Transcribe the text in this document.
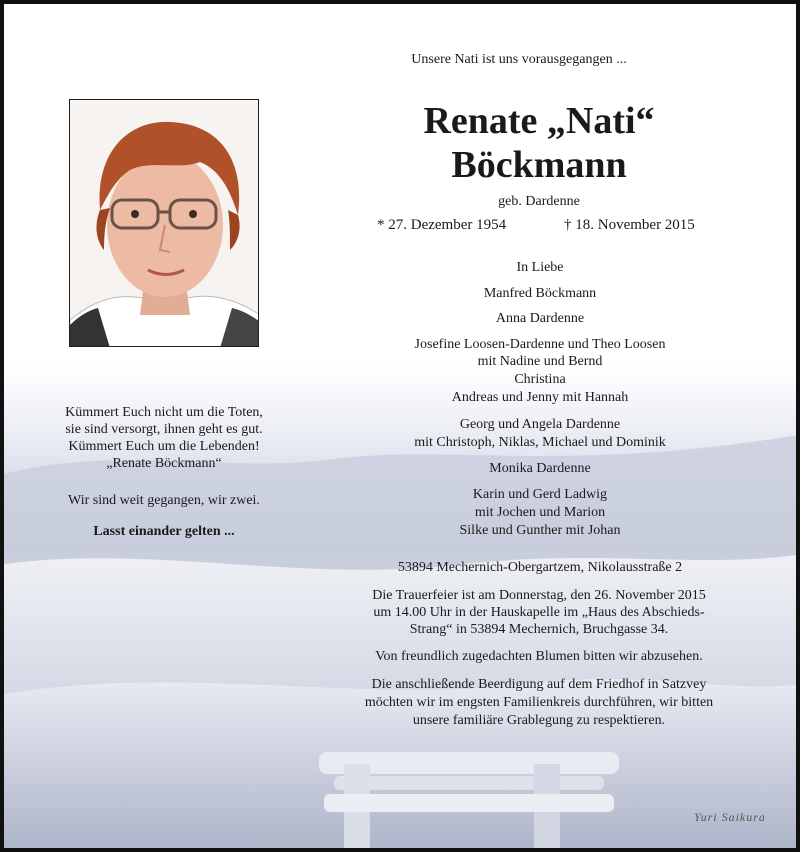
Unsere Nati ist uns vorausgegangen ...
Renate „Nati“
Böckmann
geb. Dardenne
* 27. Dezember 1954	† 18. November 2015
In Liebe
Manfred Böckmann
Anna Dardenne
Josefine Loosen-Dardenne und Theo Loosen
mit Nadine und Bernd
Christina
Andreas und Jenny mit Hannah
Georg und Angela Dardenne
mit Christoph, Niklas, Michael und Dominik
Monika Dardenne
Karin und Gerd Ladwig
mit Jochen und Marion
Silke und Gunther mit Johan
53894 Mechernich-Obergartzem, Nikolausstraße 2
Die Trauerfeier ist am Donnerstag, den 26. November 2015
um 14.00 Uhr in der Hauskapelle im „Haus des Abschieds-
Strang“ in 53894 Mechernich, Bruchgasse 34.
Von freundlich zugedachten Blumen bitten wir abzusehen.
Die anschließende Beerdigung auf dem Friedhof in Satzvey
möchten wir im engsten Familienkreis durchführen, wir bitten
unsere familiäre Grablegung zu respektieren.
Kümmert Euch nicht um die Toten,
sie sind versorgt, ihnen geht es gut.
Kümmert Euch um die Lebenden!
„Renate Böckmann“
Wir sind weit gegangen, wir zwei.
Lasst einander gelten ...
Yuri Saikura
